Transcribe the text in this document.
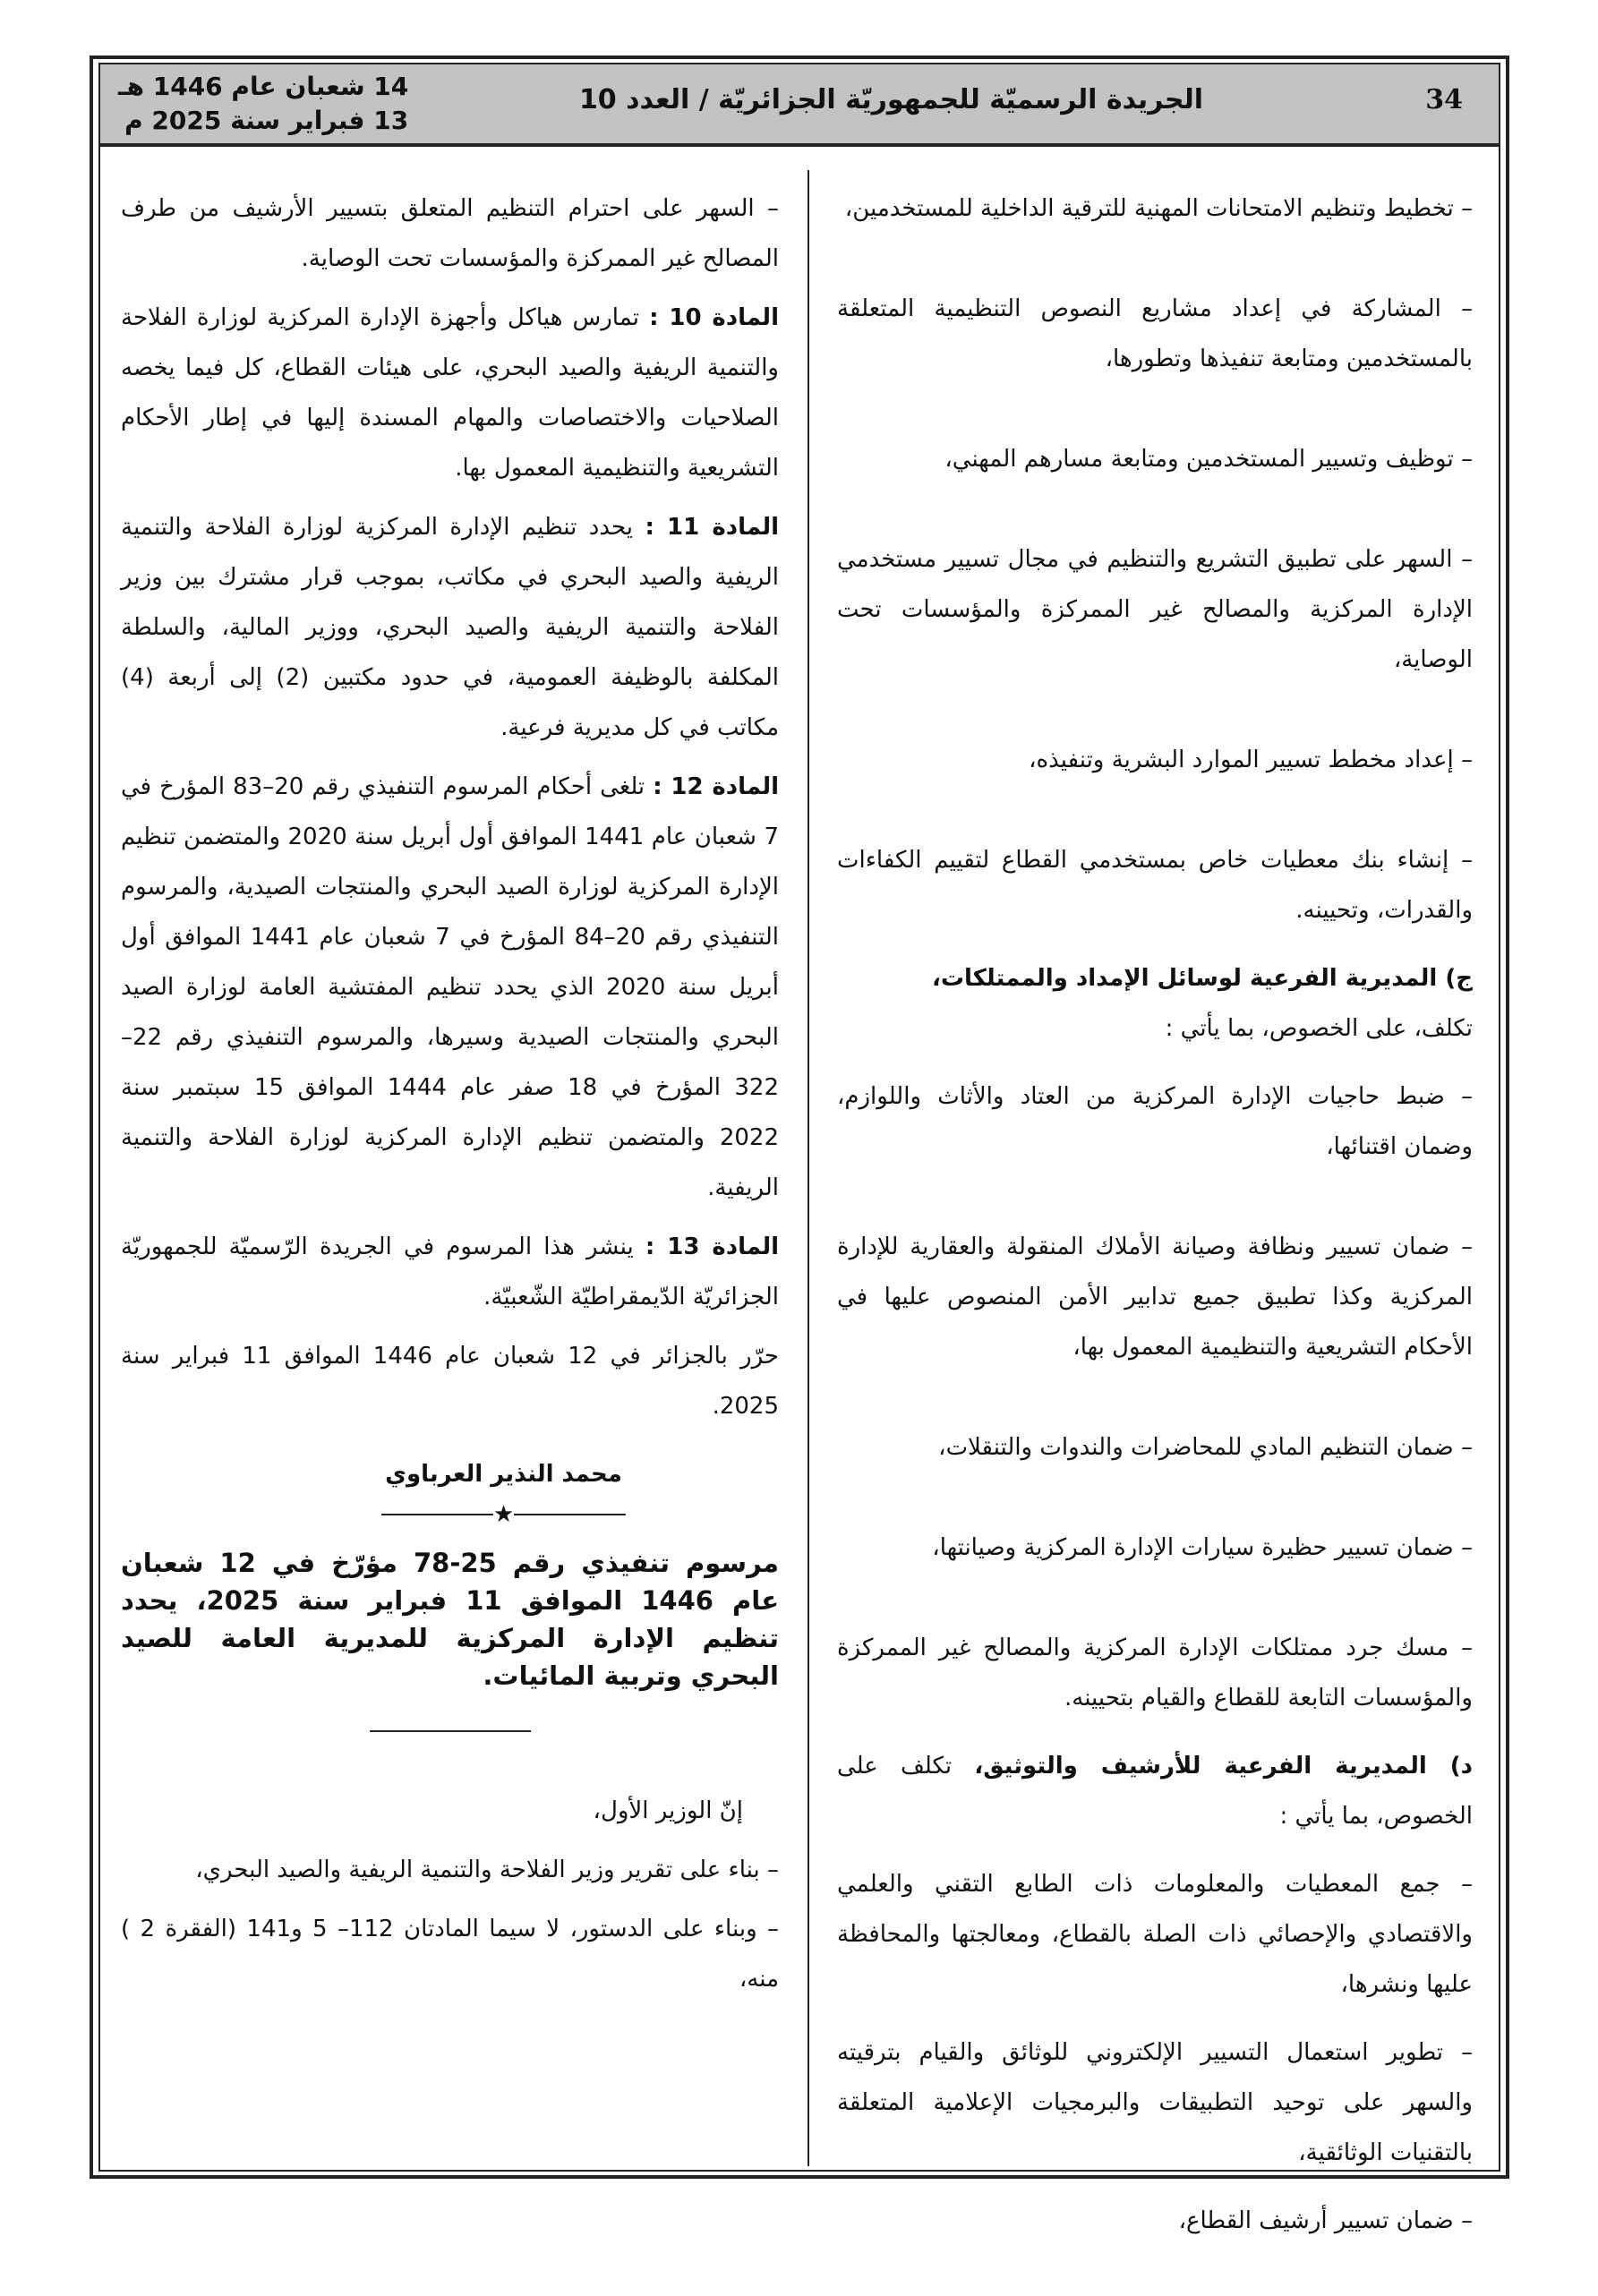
34
الجريدة الرسميّة للجمهوريّة الجزائريّة / العدد 10
14 شعبان عام 1446 هـ
13 فبراير سنة 2025 م

– تخطيط وتنظيم الامتحانات المهنية للترقية الداخلية للمستخدمين،

– المشاركة في إعداد مشاريع النصوص التنظيمية المتعلقة بالمستخدمين ومتابعة تنفيذها وتطورها،

– توظيف وتسيير المستخدمين ومتابعة مسارهم المهني،

– السهر على تطبيق التشريع والتنظيم في مجال تسيير مستخدمي الإدارة المركزية والمصالح غير الممركزة والمؤسسات تحت الوصاية،

– إعداد مخطط تسيير الموارد البشرية وتنفيذه،

– إنشاء بنك معطيات خاص بمستخدمي القطاع لتقييم الكفاءات والقدرات، وتحيينه.

ج) المديرية الفرعية لوسائل الإمداد والممتلكات،
تكلف، على الخصوص، بما يأتي :

– ضبط حاجيات الإدارة المركزية من العتاد والأثاث واللوازم، وضمان اقتنائها،

– ضمان تسيير ونظافة وصيانة الأملاك المنقولة والعقارية للإدارة المركزية وكذا تطبيق جميع تدابير الأمن المنصوص عليها في الأحكام التشريعية والتنظيمية المعمول بها،

– ضمان التنظيم المادي للمحاضرات والندوات والتنقلات،

– ضمان تسيير حظيرة سيارات الإدارة المركزية وصيانتها،

– مسك جرد ممتلكات الإدارة المركزية والمصالح غير الممركزة والمؤسسات التابعة للقطاع والقيام بتحيينه.

د) المديرية الفرعية للأرشيف والتوثيق، تكلف على الخصوص، بما يأتي :

– جمع المعطيات والمعلومات ذات الطابع التقني والعلمي والاقتصادي والإحصائي ذات الصلة بالقطاع، ومعالجتها والمحافظة عليها ونشرها،

– تطوير استعمال التسيير الإلكتروني للوثائق والقيام بترقيته والسهر على توحيد التطبيقات والبرمجيات الإعلامية المتعلقة بالتقنيات الوثائقية،

– ضمان تسيير أرشيف القطاع،

– السهر على احترام التنظيم المتعلق بتسيير الأرشيف من طرف المصالح غير الممركزة والمؤسسات تحت الوصاية.

المادة 10 : تمارس هياكل وأجهزة الإدارة المركزية لوزارة الفلاحة والتنمية الريفية والصيد البحري، على هيئات القطاع، كل فيما يخصه الصلاحيات والاختصاصات والمهام المسندة إليها في إطار الأحكام التشريعية والتنظيمية المعمول بها.

المادة 11 : يحدد تنظيم الإدارة المركزية لوزارة الفلاحة والتنمية الريفية والصيد البحري في مكاتب، بموجب قرار مشترك بين وزير الفلاحة والتنمية الريفية والصيد البحري، ووزير المالية، والسلطة المكلفة بالوظيفة العمومية، في حدود مكتبين (2) إلى أربعة (4) مكاتب في كل مديرية فرعية.

المادة 12 : تلغى أحكام المرسوم التنفيذي رقم 20–83 المؤرخ في 7 شعبان عام 1441 الموافق أول أبريل سنة 2020 والمتضمن تنظيم الإدارة المركزية لوزارة الصيد البحري والمنتجات الصيدية، والمرسوم التنفيذي رقم 20–84 المؤرخ في 7 شعبان عام 1441 الموافق أول أبريل سنة 2020 الذي يحدد تنظيم المفتشية العامة لوزارة الصيد البحري والمنتجات الصيدية وسيرها، والمرسوم التنفيذي رقم 22–322 المؤرخ في 18 صفر عام 1444 الموافق 15 سبتمبر سنة 2022 والمتضمن تنظيم الإدارة المركزية لوزارة الفلاحة والتنمية الريفية.

المادة 13 : ينشر هذا المرسوم في الجريدة الرّسميّة للجمهوريّة الجزائريّة الدّيمقراطيّة الشّعبيّة.

حرّر بالجزائر في 12 شعبان عام 1446 الموافق 11 فبراير سنة 2025.

محمد النذير العرباوي
★

مرسوم تنفيذي رقم 25-78 مؤرّخ في 12 شعبان عام 1446 الموافق 11 فبراير سنة 2025، يحدد تنظيم الإدارة المركزية للمديرية العامة للصيد البحري وتربية المائيات.

إنّ الوزير الأول،

– بناء على تقرير وزير الفلاحة والتنمية الريفية والصيد البحري،

– وبناء على الدستور، لا سيما المادتان 112– 5 و141 (الفقرة 2 ) منه،
